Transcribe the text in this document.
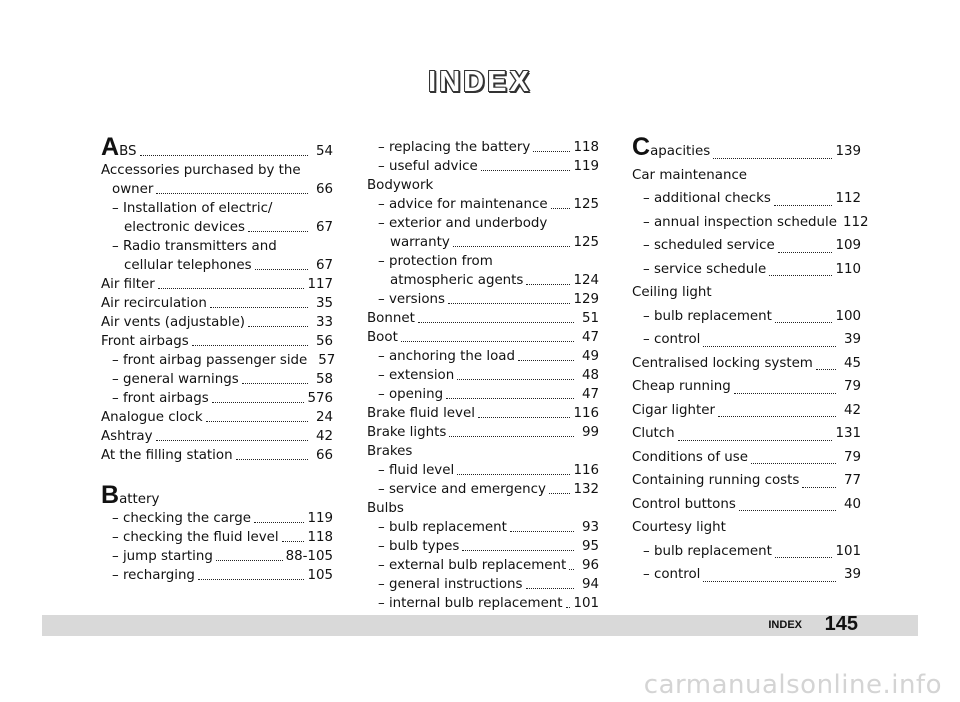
INDEX
ABS	54
Accessories purchased by the
owner	66
– Installation of electric/
electronic devices	67
– Radio transmitters and
cellular telephones	67
Air filter	117
Air recirculation	35
Air vents (adjustable)	33
Front airbags	56
– front airbag passenger side 57
– general warnings	58
– front airbags	576
Analogue clock	24
Ashtray	42
At the filling station	66
Battery
– checking the carge	119
– checking the fluid level 118
– jump starting	88-105
– recharging	105
– replacing the battery	118
– useful advice	119
Bodywork
– advice for maintenance 125
– exterior and underbody
warranty	125
– protection from
atmospheric agents	124
– versions	129
Bonnet	51
Boot	47
– anchoring the load	49
– extension	48
– opening	47
Brake fluid level	116
Brake lights	99
Brakes
– fluid level	116
– service and emergency 132
Bulbs
– bulb replacement	93
– bulb types	95
– external bulb replacement	96
– general instructions	94
– internal bulb replacement 101
Capacities	139
Car maintenance
– additional checks	112
– annual inspection schedule 112
– scheduled service	109
– service schedule	110
Ceiling light
– bulb replacement	100
– control	39
Centralised locking system	45
Cheap running	79
Cigar lighter	42
Clutch	131
Conditions of use	79
Containing running costs	77
Control buttons	40
Courtesy light
– bulb replacement	101
– control	39
INDEX 145
carmanualsonline.info
